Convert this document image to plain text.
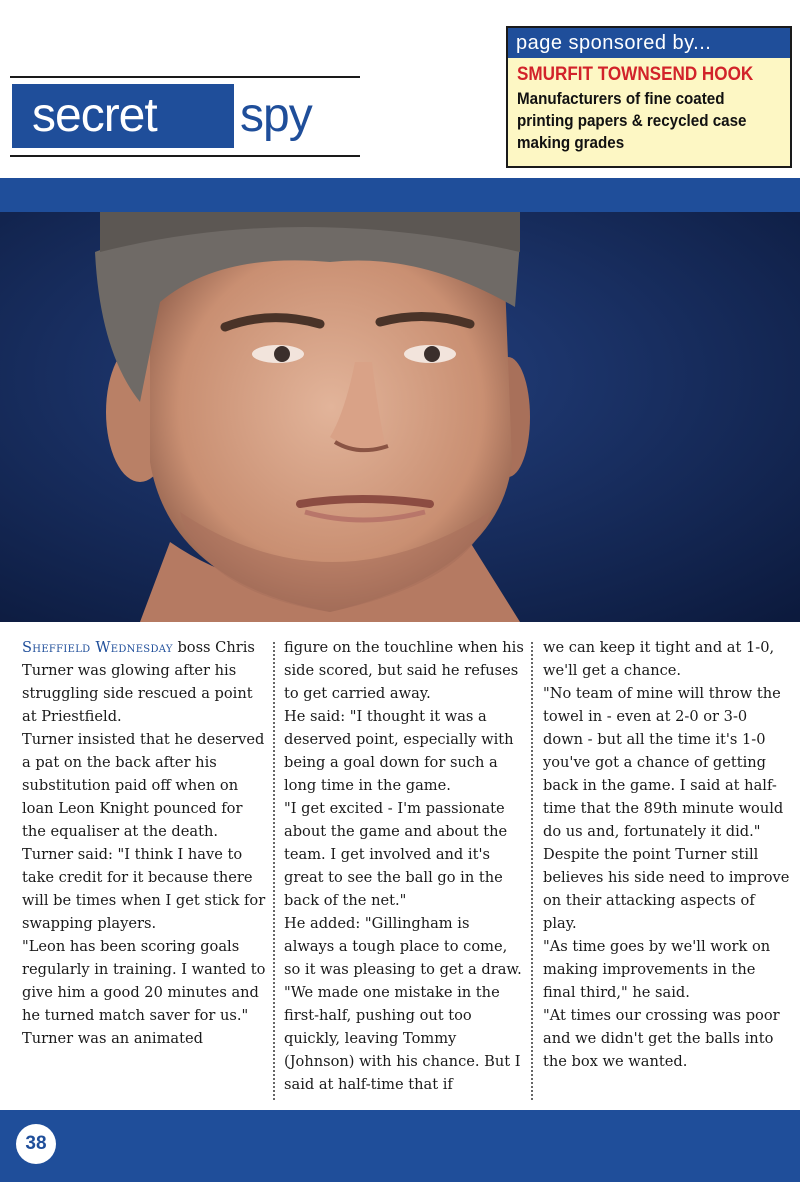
secret spy
page sponsored by...
SMURFIT TOWNSEND HOOK
Manufacturers of fine coated
printing papers & recycled case
making grades

Sheffield Wednesday boss Chris Turner was glowing after his struggling side rescued a point at Priestfield.

Turner insisted that he deserved a pat on the back after his substitution paid off when on loan Leon Knight pounced for the equaliser at the death.

Turner said: "I think I have to take credit for it because there will be times when I get stick for swapping players.

"Leon has been scoring goals regularly in training. I wanted to give him a good 20 minutes and he turned match saver for us."

Turner was an animated

figure on the touchline when his side scored, but said he refuses to get carried away.

He said: "I thought it was a deserved point, especially with being a goal down for such a long time in the game.

"I get excited - I'm passionate about the game and about the team. I get involved and it's great to see the ball go in the back of the net."

He added: "Gillingham is always a tough place to come, so it was pleasing to get a draw.

"We made one mistake in the first-half, pushing out too quickly, leaving Tommy (Johnson) with his chance. But I said at half-time that if

we can keep it tight and at 1-0, we'll get a chance.

"No team of mine will throw the towel in - even at 2-0 or 3-0 down - but all the time it's 1-0 you've got a chance of getting back in the game. I said at half-time that the 89th minute would do us and, fortunately it did."

Despite the point Turner still believes his side need to improve on their attacking aspects of play.

"As time goes by we'll work on making improvements in the final third," he said.

"At times our crossing was poor and we didn't get the balls into the box we wanted.

38
